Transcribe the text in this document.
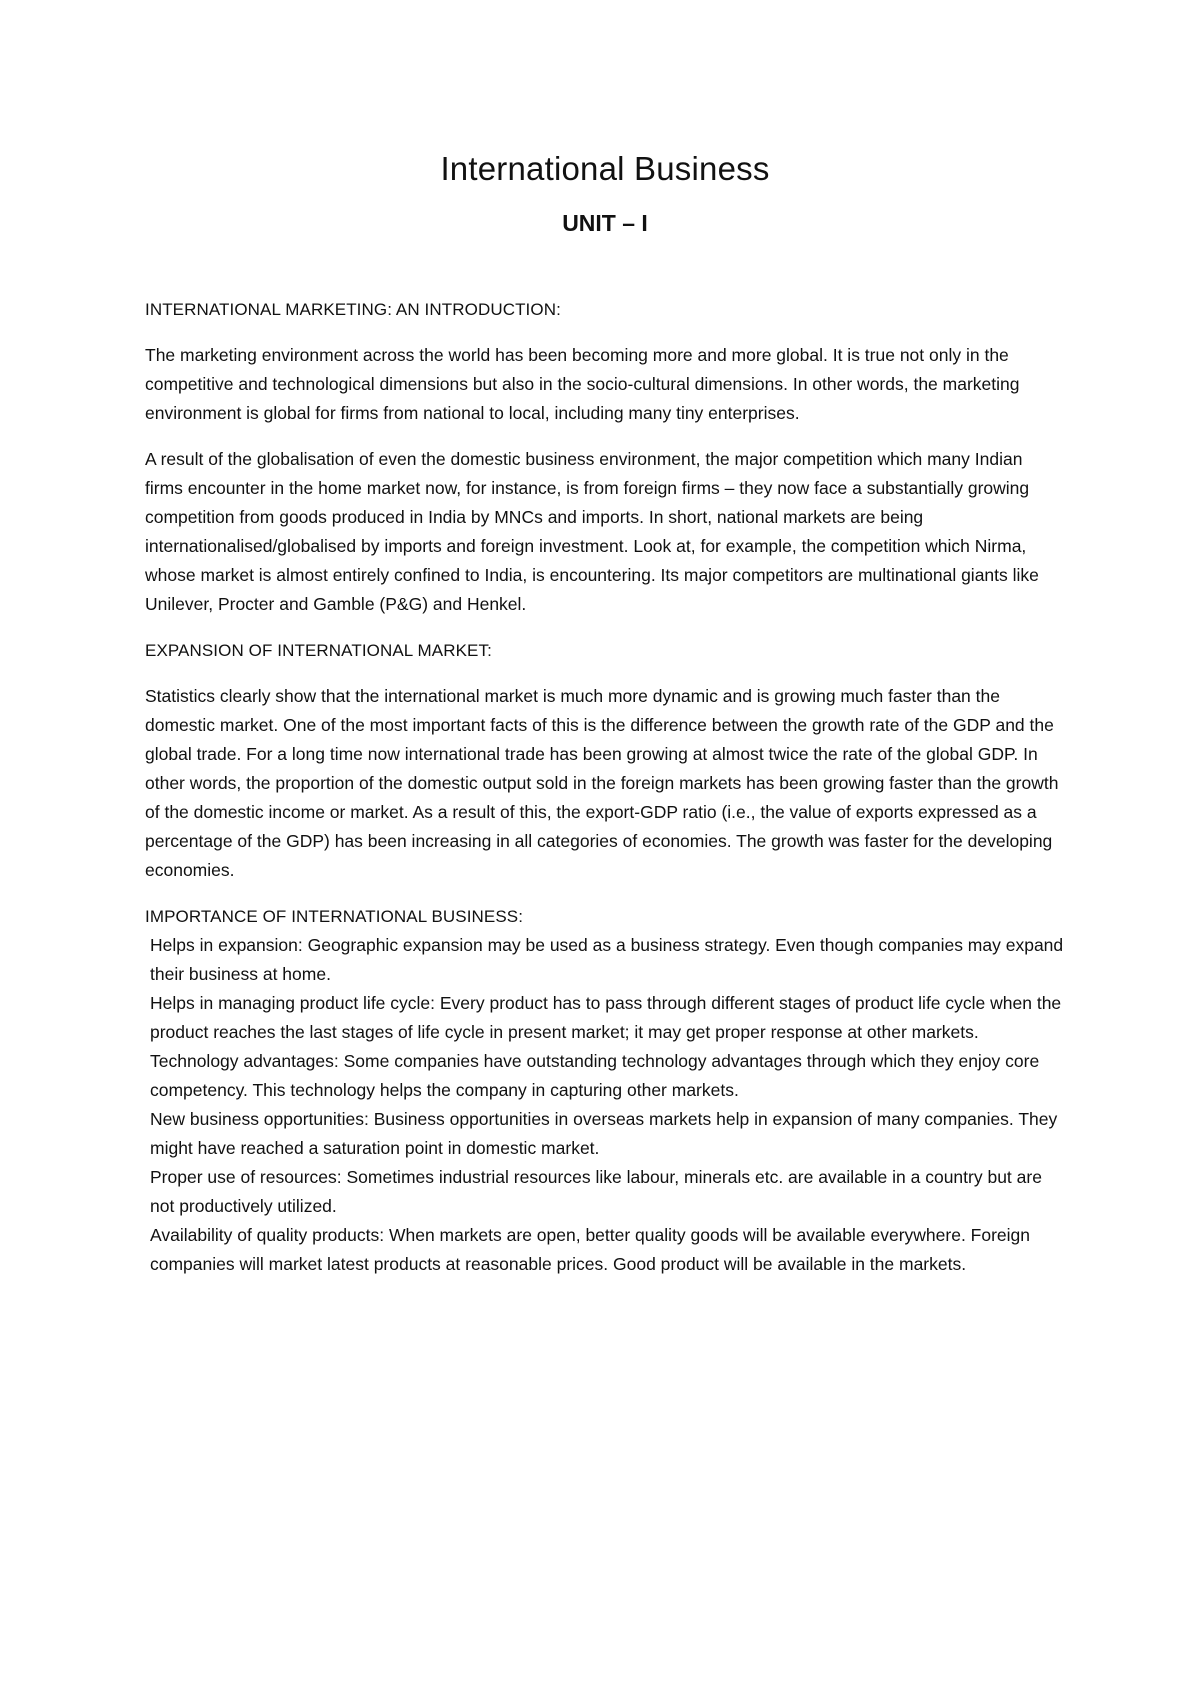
International Business
UNIT – I
INTERNATIONAL MARKETING: AN INTRODUCTION:

The marketing environment across the world has been becoming more and more global. It is true not only in the competitive and technological dimensions but also in the socio-cultural dimensions. In other words, the marketing environment is global for firms from national to local, including many tiny enterprises.

A result of the globalisation of even the domestic business environment, the major competition which many Indian firms encounter in the home market now, for instance, is from foreign firms – they now face a substantially growing competition from goods produced in India by MNCs and imports. In short, national markets are being internationalised/globalised by imports and foreign investment. Look at, for example, the competition which Nirma, whose market is almost entirely confined to India, is encountering. Its major competitors are multinational giants like Unilever, Procter and Gamble (P&G) and Henkel.

EXPANSION OF INTERNATIONAL MARKET:

Statistics clearly show that the international market is much more dynamic and is growing much faster than the domestic market. One of the most important facts of this is the difference between the growth rate of the GDP and the global trade. For a long time now international trade has been growing at almost twice the rate of the global GDP. In other words, the proportion of the domestic output sold in the foreign markets has been growing faster than the growth of the domestic income or market. As a result of this, the export-GDP ratio (i.e., the value of exports expressed as a percentage of the GDP) has been increasing in all categories of economies. The growth was faster for the developing economies.

IMPORTANCE OF INTERNATIONAL BUSINESS:

Helps in expansion: Geographic expansion may be used as a business strategy. Even though companies may expand their business at home.

Helps in managing product life cycle: Every product has to pass through different stages of product life cycle when the product reaches the last stages of life cycle in present market; it may get proper response at other markets.

Technology advantages: Some companies have outstanding technology advantages through which they enjoy core competency. This technology helps the company in capturing other markets.

New business opportunities: Business opportunities in overseas markets help in expansion of many companies. They might have reached a saturation point in domestic market.

Proper use of resources: Sometimes industrial resources like labour, minerals etc. are available in a country but are not productively utilized.

Availability of quality products: When markets are open, better quality goods will be available everywhere. Foreign companies will market latest products at reasonable prices. Good product will be available in the markets.
